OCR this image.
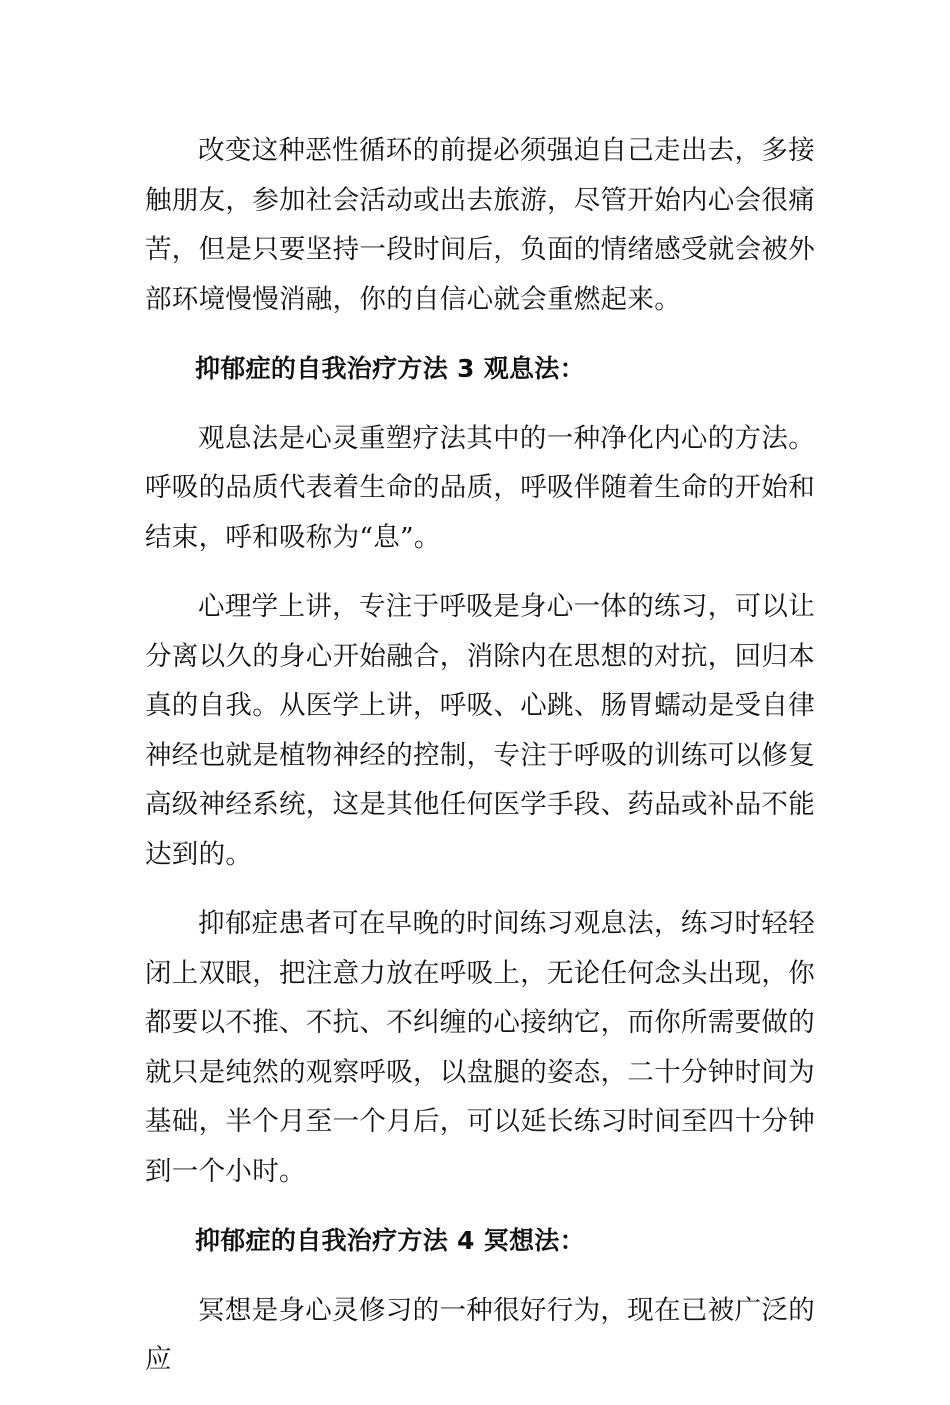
改变这种恶性循环的前提必须强迫自己走出去，多接触朋友，参加社会活动或出去旅游，尽管开始内心会很痛苦，但是只要坚持一段时间后，负面的情绪感受就会被外部环境慢慢消融，你的自信心就会重燃起来。

抑郁症的自我治疗方法 3 观息法：

观息法是心灵重塑疗法其中的一种净化内心的方法。呼吸的品质代表着生命的品质，呼吸伴随着生命的开始和结束，呼和吸称为“息”。

心理学上讲，专注于呼吸是身心一体的练习，可以让分离以久的身心开始融合，消除内在思想的对抗，回归本真的自我。从医学上讲，呼吸、心跳、肠胃蠕动是受自律神经也就是植物神经的控制，专注于呼吸的训练可以修复高级神经系统，这是其他任何医学手段、药品或补品不能达到的。

抑郁症患者可在早晚的时间练习观息法，练习时轻轻闭上双眼，把注意力放在呼吸上，无论任何念头出现，你都要以不推、不抗、不纠缠的心接纳它，而你所需要做的就只是纯然的观察呼吸，以盘腿的姿态，二十分钟时间为基础，半个月至一个月后，可以延长练习时间至四十分钟到一个小时。

抑郁症的自我治疗方法 4 冥想法：

冥想是身心灵修习的一种很好行为，现在已被广泛的应
